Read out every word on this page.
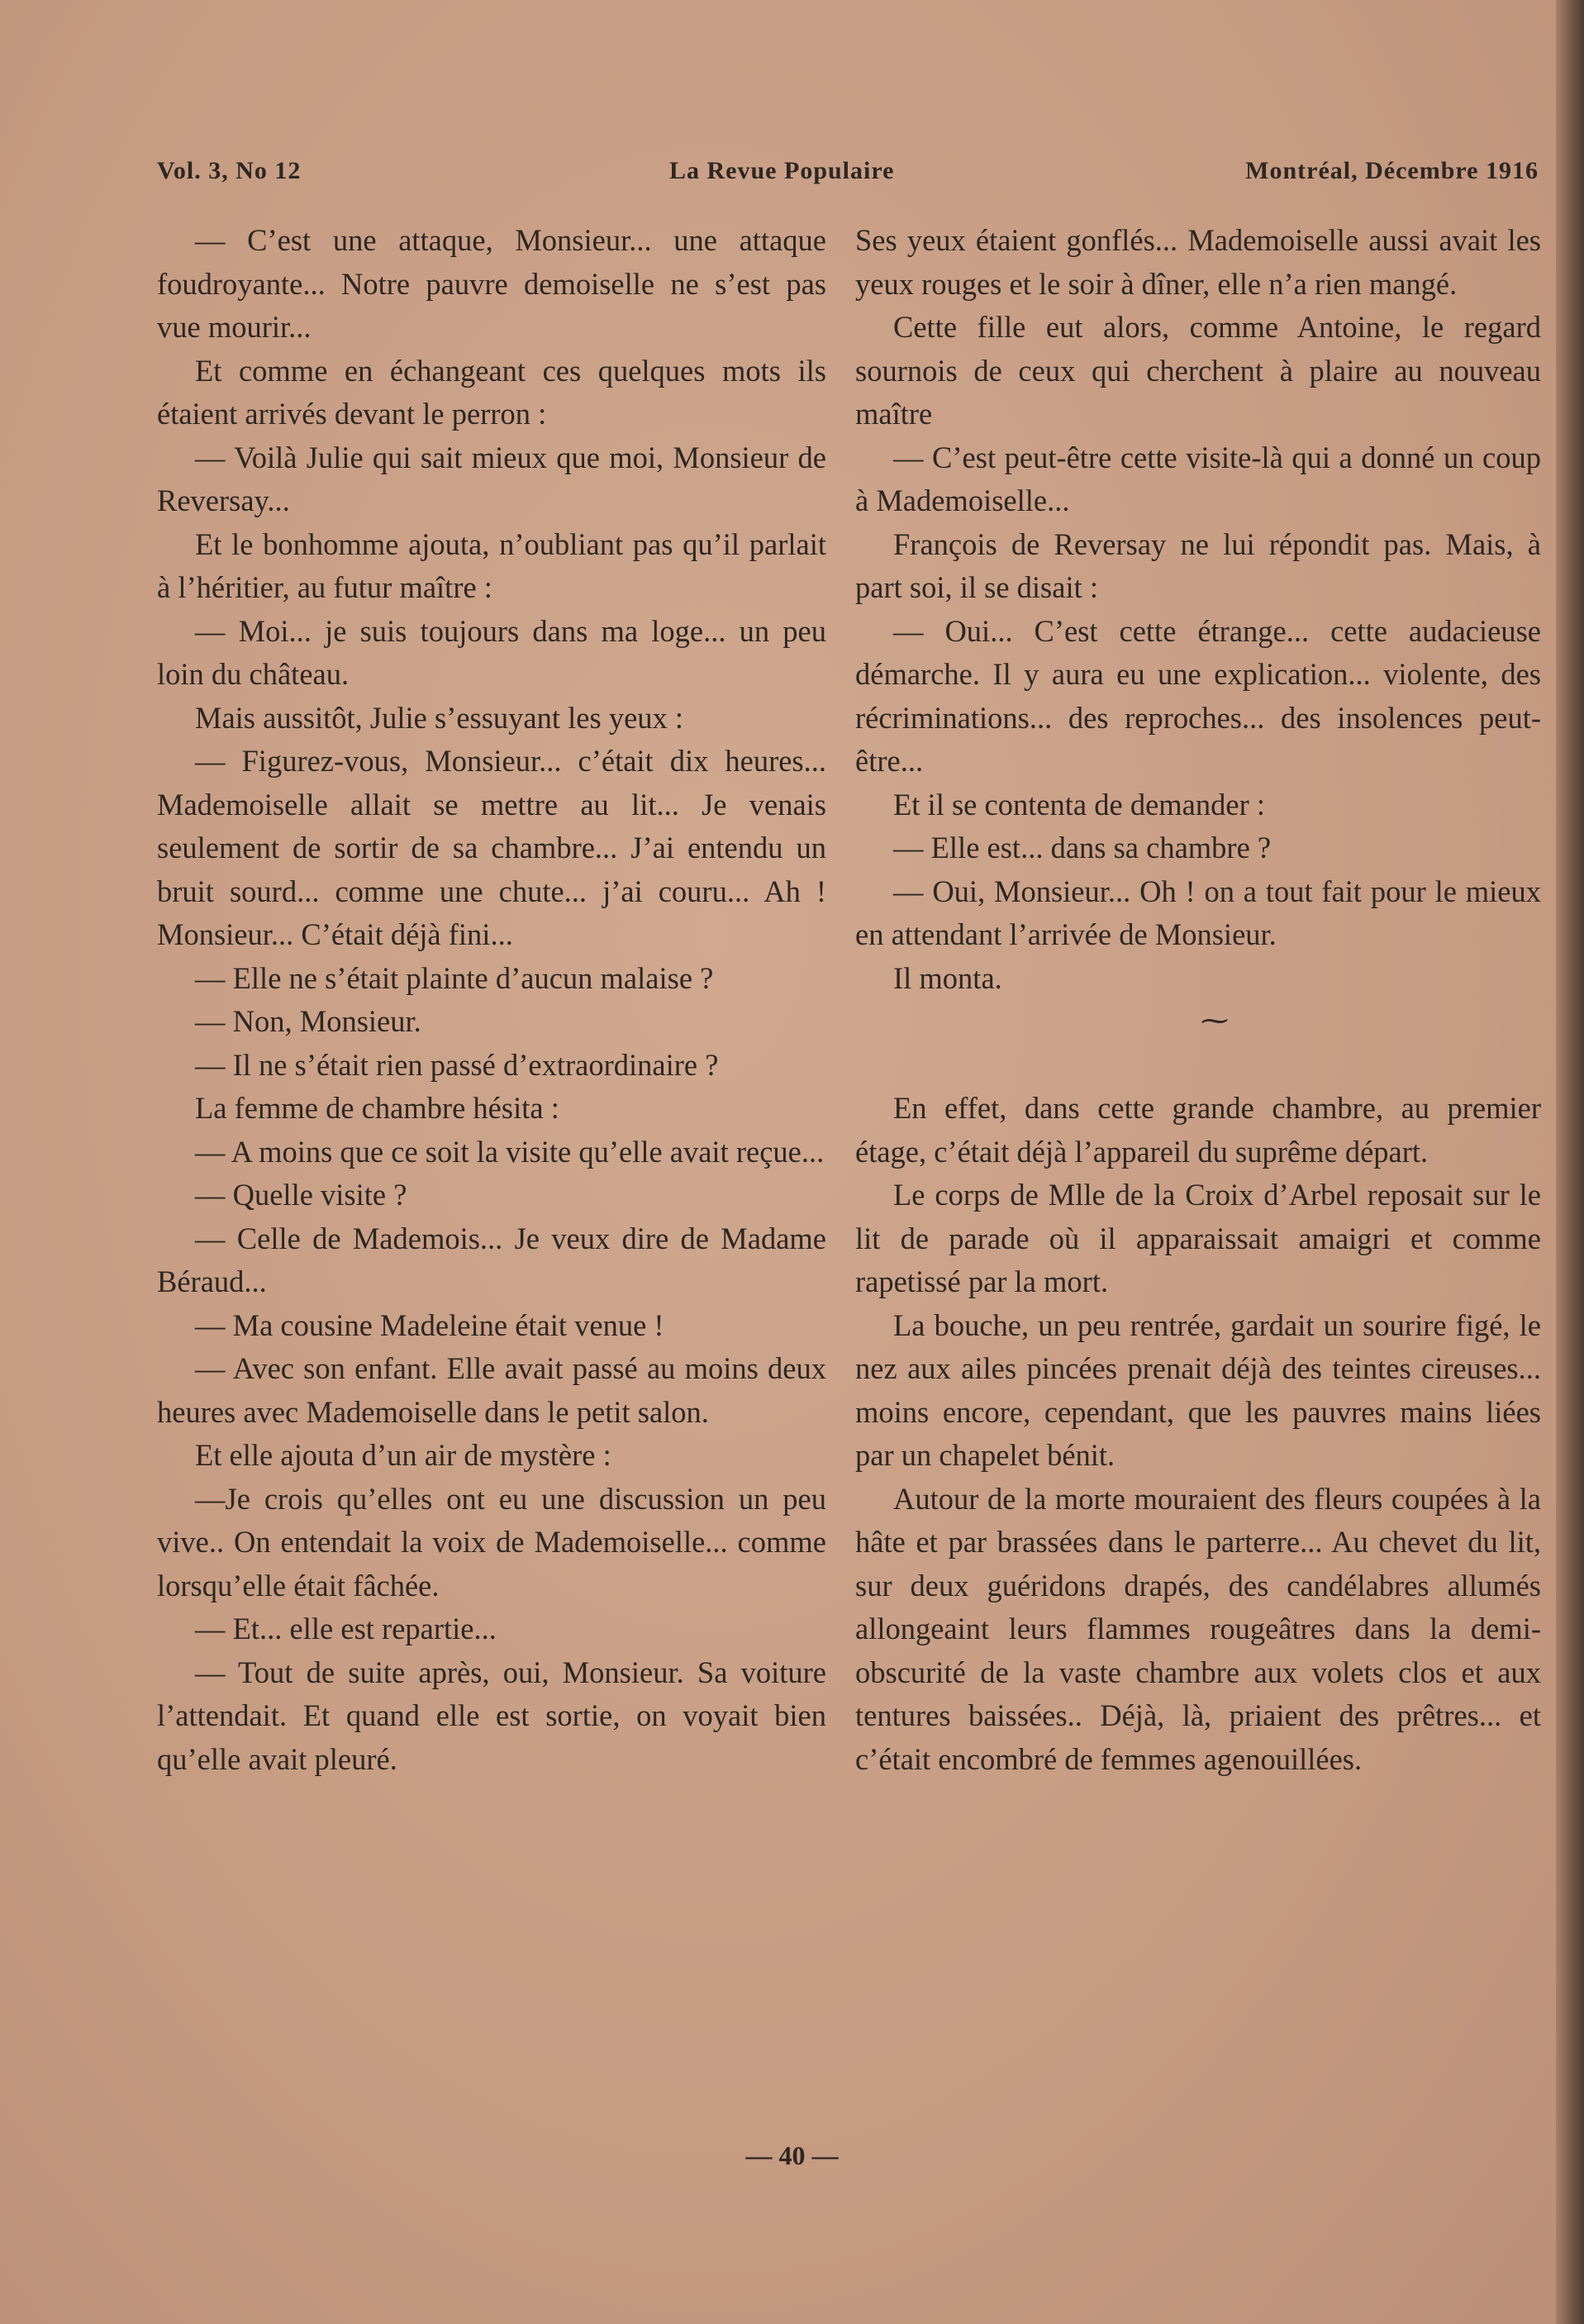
Vol. 3, No 12	La Revue Populaire	Montréal, Décembre 1916

— C’est une attaque, Monsieur... une attaque foudroyante... Notre pauvre demoiselle ne s’est pas vue mourir...

Et comme en échangeant ces quelques mots ils étaient arrivés devant le perron :

— Voilà Julie qui sait mieux que moi, Monsieur de Reversay...

Et le bonhomme ajouta, n’oubliant pas qu’il parlait à l’héritier, au futur maître :

— Moi... je suis toujours dans ma loge... un peu loin du château.

Mais aussitôt, Julie s’essuyant les yeux :

— Figurez-vous, Monsieur... c’était dix heures... Mademoiselle allait se mettre au lit... Je venais seulement de sortir de sa chambre... J’ai entendu un bruit sourd... comme une chute... j’ai couru... Ah ! Monsieur... C’était déjà fini...

— Elle ne s’était plainte d’aucun malaise ?

— Non, Monsieur.

— Il ne s’était rien passé d’extraordinaire ?

La femme de chambre hésita :

— A moins que ce soit la visite qu’elle avait reçue...

— Quelle visite ?

— Celle de Mademois... Je veux dire de Madame Béraud...

— Ma cousine Madeleine était venue !

— Avec son enfant. Elle avait passé au moins deux heures avec Mademoiselle dans le petit salon.

Et elle ajouta d’un air de mystère :

—Je crois qu’elles ont eu une discussion un peu vive.. On entendait la voix de Mademoiselle... comme lorsqu’elle était fâchée.

— Et... elle est repartie...

— Tout de suite après, oui, Monsieur. Sa voiture l’attendait. Et quand elle est sortie, on voyait bien qu’elle avait pleuré.

Ses yeux étaient gonflés... Mademoiselle aussi avait les yeux rouges et le soir à dîner, elle n’a rien mangé.

Cette fille eut alors, comme Antoine, le regard sournois de ceux qui cherchent à plaire au nouveau maître

— C’est peut-être cette visite-là qui a donné un coup à Mademoiselle...

François de Reversay ne lui répondit pas. Mais, à part soi, il se disait :

— Oui... C’est cette étrange... cette audacieuse démarche. Il y aura eu une explication... violente, des récriminations... des reproches... des insolences peut-être...

Et il se contenta de demander :

— Elle est... dans sa chambre ?

— Oui, Monsieur... Oh ! on a tout fait pour le mieux en attendant l’arrivée de Monsieur.

Il monta.

⁓

En effet, dans cette grande chambre, au premier étage, c’était déjà l’appareil du suprême départ.

Le corps de Mlle de la Croix d’Arbel reposait sur le lit de parade où il apparaissait amaigri et comme rapetissé par la mort.

La bouche, un peu rentrée, gardait un sourire figé, le nez aux ailes pincées prenait déjà des teintes cireuses... moins encore, cependant, que les pauvres mains liées par un chapelet bénit.

Autour de la morte mouraient des fleurs coupées à la hâte et par brassées dans le parterre... Au chevet du lit, sur deux guéridons drapés, des candélabres allumés allongeaint leurs flammes rougeâtres dans la demi-obscurité de la vaste chambre aux volets clos et aux tentures baissées.. Déjà, là, priaient des prêtres... et c’était encombré de femmes agenouillées.

— 40 —
